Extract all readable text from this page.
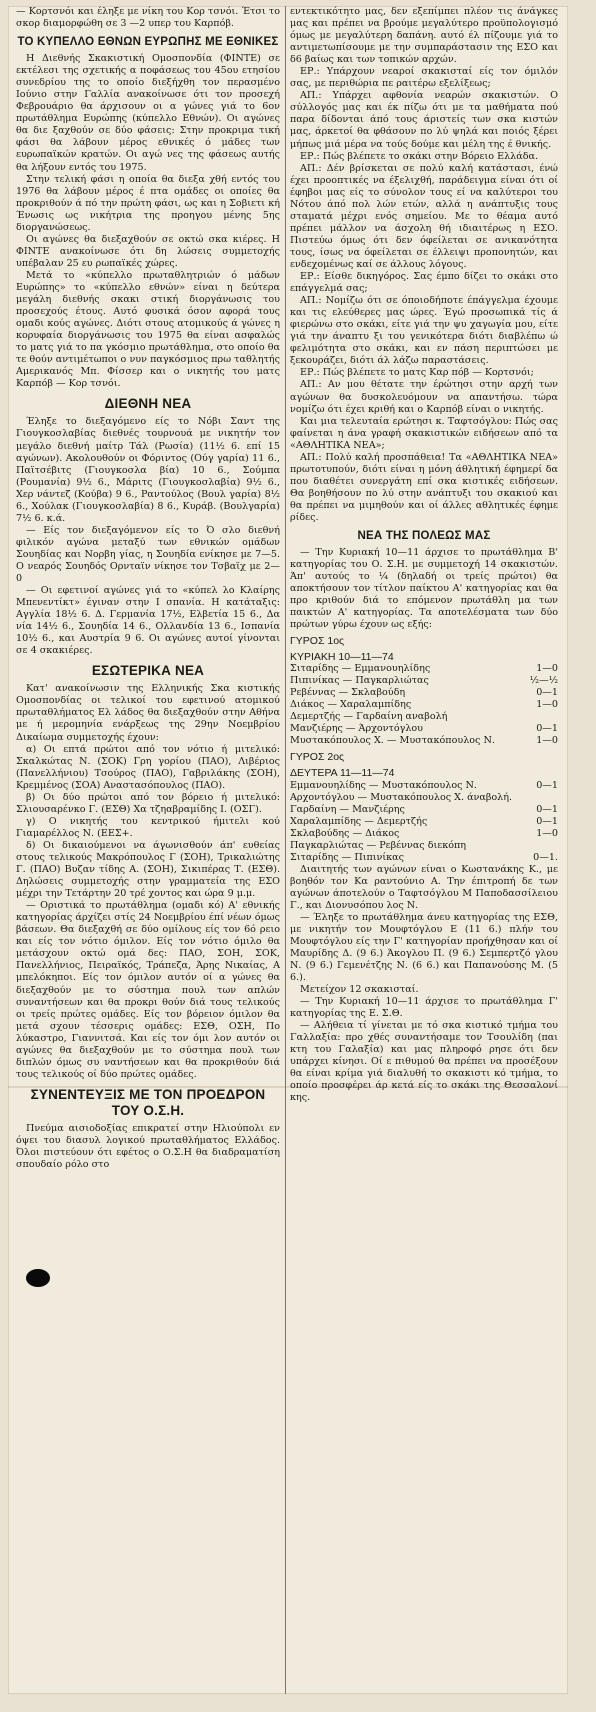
— Κορτσνόι και έληξε με νίκη του Κορ τσνόι. Έτσι το σκορ διαμορφώθη σε 3 —2 υπερ του Καρπόβ.

ΤΟ ΚΥΠΕΛΛΟ ΕΘΝΩΝ ΕΥΡΩΠΗΣ ΜΕ ΕΘΝΙΚΕΣ

Η Διεθνής Σκακιστική Ομοσπονδία (ΦΙΝΤΕ) σε εκτέλεσι της σχετικής α ποφάσεως του 45ου ετησίου συνεδρίου της το οποίο διεξήχθη τον περασμένο Ιούνιο στην Γαλλία ανακοίνωσε ότι τον προσεχή Φεβρουάριο θα άρχισουν οι α γώνες γιά το 6ον πρωτάθλημα Ευρώπης (κύπελλο Εθνών). Οι αγώνες θα διε ξαχθούν σε δύο φάσεις: Στην προκριμα τική φάσι θα λάβουν μέρος εθνικές ό μάδες των ευρωπαϊκών κρατών. Οι αγώ νες της φάσεως αυτής θα λήξουν εντός του 1975.

Στην τελική φάσι η οποία θα διεξα χθή εντός του 1976 θα λάβουν μέρος έ πτα ομάδες οι οποίες θα προκριθούν ά πό την πρώτη φάσι, ως και η Σοβιετι κή Ένωσις ως νικήτρια της προηγου μένης 5ης διοργανώσεως.

Οι αγώνες θα διεξαχθούν σε οκτώ σκα κιέρες. Η ΦΙΝΤΕ ανακοίνωσε ότι δη λώσεις συμμετοχής υπέβαλαν 25 ευ ρωπαϊκές χώρες.

Μετά το «κύπελλο πρωταθλητριών ό μάδων Ευρώπης» το «κύπελλο εθνών» είναι η δεύτερα μεγάλη διεθνής σκακι στική διοργάνωσις του προσεχούς έτους. Αυτό φυσικά όσον αφορά τους ομαδι κούς αγώνες. Διότι στους ατομικούς ά γώνες η κορυφαία διοργάνωσις του 1975 θα είναι ασφαλώς το ματς γιά το πα γκόσμιο πρωτάθλημα, στο οποίο θα τε θούν αντιμέτωποι ο νυν παγκόσμιος πρω ταθλητής Αμερικανός Μπ. Φίσσερ και ο νικητής του ματς Καρπόβ — Κορ τσνόι.

ΔΙΕΘΝΗ ΝΕΑ

Έληξε το διεξαγόμενο είς το Νόβι Σαντ της Γιουγκοσλαβίας διεθνές τουρνουά με νικητήν τον μεγάλο διεθνή μαίτρ Τάλ (Ρωσία) (11½ 6. επί 15 αγώνων). Ακολουθούν οι Φόριντος (Ούγ γαρία) 11 6., Παϊτσέβιτς (Γιουγκοσλα βία) 10 6., Σούμπα (Ρουμανία) 9½ 6., Μάριτς (Γιουγκοσλαβία) 9½ 6., Χερ νάντεζ (Κούβα) 9 6., Ραντούλος (Βουλ γαρία) 8½ 6., Χούλακ (Γιουγκοσλαβία) 8 6., Κυράβ. (Βουλγαρία) 7½ 6. κ.ά.

— Είς τον διεξαγόμενον είς το Ό σλο διεθνή φιλικόν αγώνα μεταξύ των εθνικών ομάδων Σουηδίας και Νορβη γίας, η Σουηδία ενίκησε με 7—5. Ο νεαρός Σουηδός Ορνταϊν νίκησε τον Τσβαϊχ με 2—0

— Οι εφετινοί αγώνες γιά το «κύπελ λο Κλαίρης Μπενεντίκτ» έγιναν στην Ι σπανία. Η κατάταξις: Αγγλία 18½ 6. Δ. Γερμανία 17½, Ελβετία 15 6., Δα νία 14½ 6., Σουηδία 14 6., Ολλανδία 13 6., Ισπανία 10½ 6., και Αυστρία 9 6. Οι αγώνες αυτοί γίνονται σε 4 σκακιέρες.

ΕΣΩΤΕΡΙΚΑ ΝΕΑ

Κατ' ανακοίνωσιν της Ελληνικής Σκα κιστικής Ομοσπονδίας οι τελικοί του εφετινού ατομικού πρωταθλήματος Ελ λάδος θα διεξαχθούν στην Αθήνα με ή μερομηνία ενάρξεως της 29ην Νοεμβρίου Δικαίωμα συμμετοχής έχουν:

α) Οι επτά πρώτοι από τον νότιο ή μιτελικό: Σκαλκώτας Ν. (ΣΟΚ) Γρη γορίου (ΠΑΟ), Λιβέριος (Πανελλήνιου) Τσούρος (ΠΑΟ), Γαβριλάκης (ΣΟΗ), Κρεμμένος (ΣΟΑ) Αναστασόπουλος (ΠΑΟ).

β) Οι δύο πρώτοι από τον βόρειο ή μιτελικό: Σλιουσαρένκο Γ. (ΕΣΘ) Χα τζηαβραμίδης Ι. (ΟΣΓ).

γ) Ο νικητής του κεντρικού ήμιτελι κού Γιαμαρέλλος Ν. (ΕΕΣ+.

δ) Οι δικαιούμενοι να άγωνισθούν άπ' ευθείας στους τελικούς Μακρόπουλος Γ (ΣΟΗ), Τρικαλιώτης Γ. (ΠΑΟ) Βυζαν τίδης Α. (ΣΟΗ), Σικιπέρας Τ. (ΕΣΘ). Δηλώσεις συμμετοχής στην γραμματεία της ΕΣΟ μέχρι την Τετάρτην 20 τρέ χοντος και ώρα 9 μ.μ.

— Οριστικά το πρωτάθλημα (ομαδι κό) Α' εθνικής κατηγορίας άρχίζει στίς 24 Νοεμβρίου έπί νέων όμως βάσεων. Θα διεξαχθή σε δύο ομίλους είς τον 6ό ρειο και είς τον νότιο όμιλον. Είς τον νότιο όμιλο θα μετάσχουν οκτώ ομά δες: ΠΑΟ, ΣΟΗ, ΣΟΚ, Πανελλήνιος, Πειραϊκός, Τράπεζα, Άρης Νικαίας, Α μπελόκηποι. Είς τον όμιλον αυτόν οί α γώνες θα διεξαχθούν με το σύστημα πουλ των απλών συναντήσεων και θα προκρι θούν διά τους τελικούς οι τρείς πρώτες ομάδες. Είς τον βόρειον όμιλον θα μετά σχουν τέσσερις ομάδες: ΕΣΘ, ΟΣΗ, Πο λύκαστρο, Γιαννιτσά. Και είς τον όμι λον αυτόν οι αγώνες θα διεξαχθούν με το σύστημα πουλ των διπλών όμως συ ναντήσεων και θα προκριθούν διά τους τελικούς οί δύο πρώτες ομάδες.

ΣΥΝΕΝΤΕΥΞΙΣ ΜΕ ΤΟΝ ΠΡΟΕΔΡΟΝ ΤΟΥ Ο.Σ.Η.

Πνεύμα αισιοδοξίας επικρατεί στην Ηλιούπολι εν όψει του διασυλ λογικού πρωταθλήματος Ελλάδος. Όλοι πιστεύουν ότι εφέτος ο Ο.Σ.Η θα διαδραματίση σπουδαίο ρόλο στο

εντεκτικότητο μας, δεν εξεπίμπει πλέον τις άνάγκες μας και πρέπει να βρούμε μεγαλύτερο προϋπολογισμό όμως με μεγαλύτερη δαπάνη. αυτό έλ πίζουμε γιά το αντιμετωπίσουμε με την συμπαράστασιν της ΕΣΟ και δ6 βαίως και των τοπικών αρχών.

ΕΡ.: Υπάρχουν νεαροί σκακισταί είς τον όμιλόν σας, με περιθώρια πε ραιτέρω εξελίξεως;

ΑΠ.: Υπάρχει αφθονία νεαρών σκακιστών. Ο σύλλογός μας και έκ πίζω ότι με τα μαθήματα πού παρα δίδονται άπό τους άριστείς των σκα κιστών μας, άρκετοί θα φθάσουν πο λύ ψηλά και ποιός ξέρει μήπως μιά μέρα να τούς δούμε και μέλη της έ θνικής.

ΕΡ.: Πώς βλέπετε το σκάκι στην Βόρειο Ελλάδα.

ΑΠ.: Δέν βρίσκεται σε πολύ καλή κατάστασι, ένώ έχει προοπτικές να έξελιχθή, παράδειγμα είναι ότι οί έφηβοι μας είς το σύνολον τους εί να καλύτεροι του Νότου άπό πολ λών ετών, αλλά η ανάπτυξις τους σταματά μέχρι ενός σημείου. Με το θέαμα αυτό πρέπει μάλλον να άσχολη θή ιδιαιτέρως η ΕΣΟ. Πιστεύω όμως ότι δεν όφείλεται σε ανικανότητα τους, ίσως να όφείλεται σε έλλειψι προπονητών, και ενδεχομένως καί σε άλλους λόγους.

ΕΡ.: Είσθε δικηγόρος. Σας έμπο δίζει το σκάκι στο επάγγελμά σας;

ΑΠ.: Νομίζω ότι σε όποιοδήποτε έπάγγελμα έχουμε και τις ελεύθερες μας ώρες. Έγώ προσωπικά τίς ά φιερώνω στο σκάκι, είτε γιά την ψυ χαγωγία μου, είτε γιά την άναπτυ ξι του γενικότερα διότι διαβλέπω ώ φελιμότητα στο σκάκι, και εν πάση περιπτώσει με ξεκουράζει, διότι άλ λάζω παραστάσεις.

ΕΡ.: Πώς βλέπετε το ματς Καρ πόβ — Κορτσνόι;

ΑΠ.: Αν μου θέτατε την έρώτησι στην αρχή των αγώνων θα δυσκολευόμουν να απαντήσω. τώρα νομίζω ότι έχει κριθή και ο Καρπόβ είναι ο νικητής.

Και μια τελευταία ερώτησι κ. Ταφτσόγλου: Πώς σας φαίνεται η άνα γραφή σκακιστικών ειδήσεων από τα «ΑΘΛΗΤΙΚΑ ΝΕΑ»;

ΑΠ.: Πολύ καλή προσπάθεια! Τα «ΑΘΛΗΤΙΚΑ ΝΕΑ» πρωτοτυπούν, διότι είναι η μόνη άθλητική έφημερί δα που διαθέτει συνεργάτη επί σκα κιστικές ειδήσεων. Θα βοηθήσουν πο λύ στην ανάπτυξι του σκακιού και θα πρέπει να μιμηθούν και οί άλλες αθλητικές έφημε ρίδες.

ΝΕΑ ΤΗΣ ΠΟΛΕΩΣ ΜΑΣ

— Την Κυριακή 10—11 άρχισε το πρωτάθλημα Β' κατηγορίας του Ο. Σ.Η. με συμμετοχή 14 σκακιστών. Άπ' αυτούς το ¼ (δηλαδή οι τρείς πρώτοι) θα αποκτήσουν τον τίτλον παίκτου Α' κατηγορίας και θα προ κριθούν διά το επόμενον πρωτάθλη μα των παικτών Α' κατηγορίας. Τα αποτελέσματα των δύο πρώτων γύρω έχουν ως εξής:

ΓΥΡΟΣ 1ος
ΚΥΡΙΑΚΗ 10—11—74
Σιταρίδης — Εμμανουηλίδης	1—0
Πιπινίκας — Παγκαρλιώτας	½—½
Ρεβέννας — Σκλαβούδη	0—1
Διάκος — Χαραλαμπίδης	1—0
Δεμερτζής — Γαρδαίνη αναβολή	
Μανζιέρης — Άρχοντόγλου	0—1
Μυστακόπουλος Χ. — Μυστακόπουλος Ν.	1—0
ΓΥΡΟΣ 2ος
ΔΕΥΤΕΡΑ 11—11—74
Εμμανουηλίδης — Μυστακόπουλος Ν.	0—1
Αρχοντόγλου — Μυστακόπουλος Χ. άναβολή.	
Γαρδαίνη — Μανζιέρης	0—1
Χαραλαμπίδης — Δεμερτζής	0—1
Σκλαβούδης — Διάκος	1—0
Παγκαρλιώτας — Ρεβέννας διεκόπη	
Σιταρίδης — Πιπινίκας	0—1.

Διαιτητής των αγώνων είναι ο Κωστανάκης Κ., με βοηθόν τον Κα ραντούνιο Α. Την έπιτροπή δε των αγώνων άποτελούν ο Ταφτσόγλου Μ Παποδασσίλειου Γ., και Διονυσόπου λος Ν.

— Έληξε το πρωτάθλημα άνευ κατηγορίας της ΕΣΘ, με νικητήν τον Μουφτόγλου Ε (11 6.) πλήν του Μουφτόγλου είς την Γ' κατηγορίαν προήχθησαν και οί Μαυρίδης Δ. (9 6.) Άκογλου Π. (9 6.) Σεμπερτζό γλου Ν. (9 6.) Γεμενέτζης Ν. (6 6.) και Παπανούσης Μ. (5 6.).

Μετείχον 12 σκακισταί.

— Την Κυριακή 10—11 άρχισε το πρωτάθλημα Γ' κατηγορίας της Ε. Σ.Θ.

— Αλήθεια τί γίνεται με τό σκα κιστικό τμήμα του Γαλλαξία: προ χθές συναντήσαμε τον Τσουλίδη (παι κτη του Γαλαξία) και μας πληροφό ρησε ότι δεν υπάρχει κίνησι. Οί ε πιθυμού θα πρέπει να προσέξουν θα είναι κρίμα γιά διαλυθή το σκακιστι κό τμήμα, το οποίο προσφέρει άρ κετά είς το σκάκι της Θεσσαλονί κης.
